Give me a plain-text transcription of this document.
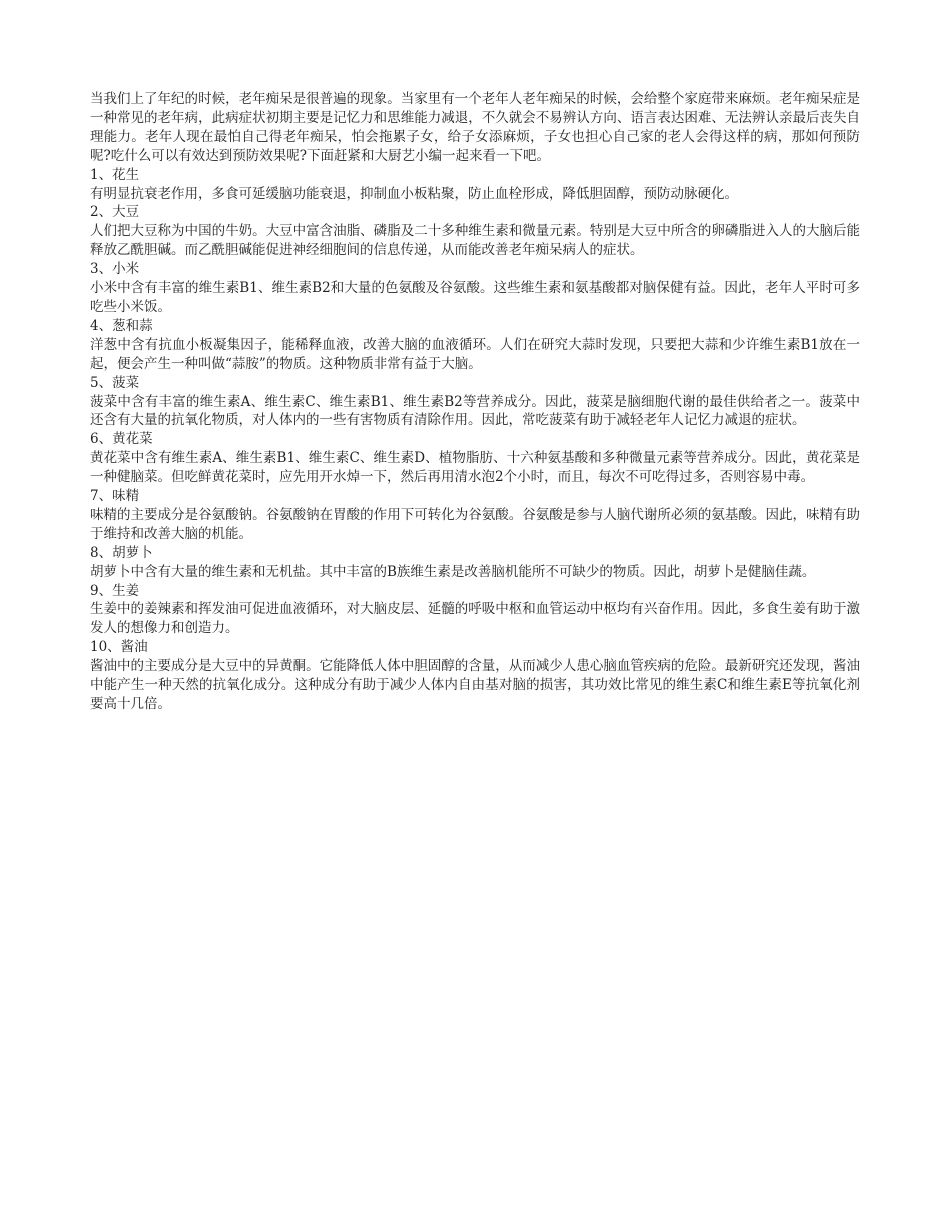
当我们上了年纪的时候，老年痴呆是很普遍的现象。当家里有一个老年人老年痴呆的时候，会给整个家庭带来麻烦。老年痴呆症是一种常见的老年病，此病症状初期主要是记忆力和思维能力减退，不久就会不易辨认方向、语言表达困难、无法辨认亲最后丧失自理能力。老年人现在最怕自己得老年痴呆，怕会拖累子女，给子女添麻烦，子女也担心自己家的老人会得这样的病，那如何预防呢?吃什么可以有效达到预防效果呢?下面赶紧和大厨艺小编一起来看一下吧。

1、花生

有明显抗衰老作用，多食可延缓脑功能衰退，抑制血小板粘聚，防止血栓形成，降低胆固醇，预防动脉硬化。

2、大豆

人们把大豆称为中国的牛奶。大豆中富含油脂、磷脂及二十多种维生素和微量元素。特别是大豆中所含的卵磷脂进入人的大脑后能释放乙酰胆碱。而乙酰胆碱能促进神经细胞间的信息传递，从而能改善老年痴呆病人的症状。

3、小米

小米中含有丰富的维生素B1、维生素B2和大量的色氨酸及谷氨酸。这些维生素和氨基酸都对脑保健有益。因此，老年人平时可多吃些小米饭。

4、葱和蒜

洋葱中含有抗血小板凝集因子，能稀释血液，改善大脑的血液循环。人们在研究大蒜时发现，只要把大蒜和少许维生素B1放在一起，便会产生一种叫做“蒜胺”的物质。这种物质非常有益于大脑。

5、菠菜

菠菜中含有丰富的维生素A、维生素C、维生素B1、维生素B2等营养成分。因此，菠菜是脑细胞代谢的最佳供给者之一。菠菜中还含有大量的抗氧化物质，对人体内的一些有害物质有清除作用。因此，常吃菠菜有助于减轻老年人记忆力减退的症状。

6、黄花菜

黄花菜中含有维生素A、维生素B1、维生素C、维生素D、植物脂肪、十六种氨基酸和多种微量元素等营养成分。因此，黄花菜是一种健脑菜。但吃鲜黄花菜时，应先用开水焯一下，然后再用清水泡2个小时，而且，每次不可吃得过多，否则容易中毒。

7、味精

味精的主要成分是谷氨酸钠。谷氨酸钠在胃酸的作用下可转化为谷氨酸。谷氨酸是参与人脑代谢所必须的氨基酸。因此，味精有助于维持和改善大脑的机能。

8、胡萝卜

胡萝卜中含有大量的维生素和无机盐。其中丰富的B族维生素是改善脑机能所不可缺少的物质。因此，胡萝卜是健脑佳蔬。

9、生姜

生姜中的姜辣素和挥发油可促进血液循环，对大脑皮层、延髓的呼吸中枢和血管运动中枢均有兴奋作用。因此，多食生姜有助于激发人的想像力和创造力。

10、酱油

酱油中的主要成分是大豆中的异黄酮。它能降低人体中胆固醇的含量，从而减少人患心脑血管疾病的危险。最新研究还发现，酱油中能产生一种天然的抗氧化成分。这种成分有助于减少人体内自由基对脑的损害，其功效比常见的维生素C和维生素E等抗氧化剂要高十几倍。
